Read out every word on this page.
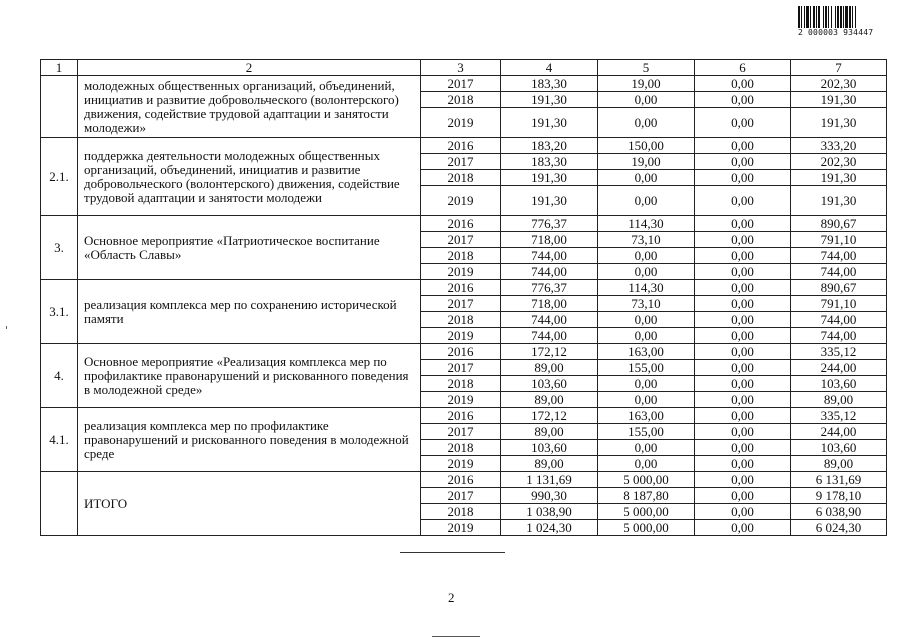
2 000003 934447
1	2	3	4	5	6	7
	молодежных общественных организаций, объединений, инициатив и развитие добровольческого (волонтерского) движения, содействие трудовой адаптации и занятости молодежи»	2017	183,30	19,00	0,00	202,30
		2018	191,30	0,00	0,00	191,30
		2019	191,30	0,00	0,00	191,30
2.1.	поддержка деятельности молодежных общественных организаций, объединений, инициатив и развитие добровольческого (волонтерского) движения, содействие трудовой адаптации и занятости молодежи	2016	183,20	150,00	0,00	333,20
		2017	183,30	19,00	0,00	202,30
		2018	191,30	0,00	0,00	191,30
		2019	191,30	0,00	0,00	191,30
3.	Основное мероприятие «Патриотическое воспитание «Область Славы»	2016	776,37	114,30	0,00	890,67
		2017	718,00	73,10	0,00	791,10
		2018	744,00	0,00	0,00	744,00
		2019	744,00	0,00	0,00	744,00
3.1.	реализация комплекса мер по сохранению исторической памяти	2016	776,37	114,30	0,00	890,67
		2017	718,00	73,10	0,00	791,10
		2018	744,00	0,00	0,00	744,00
		2019	744,00	0,00	0,00	744,00
4.	Основное мероприятие «Реализация комплекса мер по профилактике правонарушений и рискованного поведения в молодежной среде»	2016	172,12	163,00	0,00	335,12
		2017	89,00	155,00	0,00	244,00
		2018	103,60	0,00	0,00	103,60
		2019	89,00	0,00	0,00	89,00
4.1.	реализация комплекса мер по профилактике правонарушений и рискованного поведения в молодежной среде	2016	172,12	163,00	0,00	335,12
		2017	89,00	155,00	0,00	244,00
		2018	103,60	0,00	0,00	103,60
		2019	89,00	0,00	0,00	89,00
	ИТОГО	2016	1 131,69	5 000,00	0,00	6 131,69
		2017	990,30	8 187,80	0,00	9 178,10
		2018	1 038,90	5 000,00	0,00	6 038,90
		2019	1 024,30	5 000,00	0,00	6 024,30
2
